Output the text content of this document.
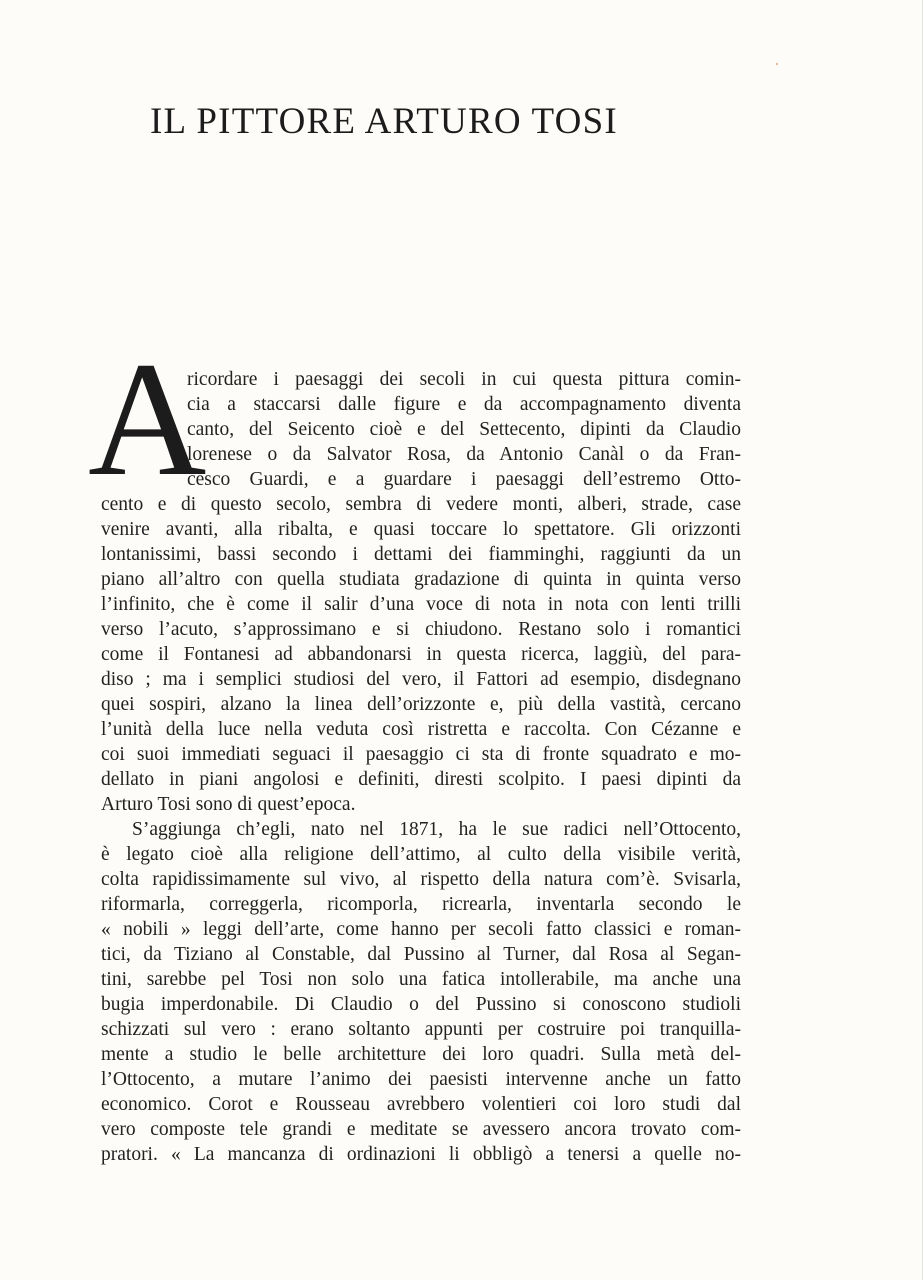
IL PITTORE ARTURO TOSI
A
ricordare i paesaggi dei secoli in cui questa pittura comin-
cia a staccarsi dalle figure e da accompagnamento diventa
canto, del Seicento cioè e del Settecento, dipinti da Claudio
lorenese o da Salvator Rosa, da Antonio Canàl o da Fran-
cesco Guardi, e a guardare i paesaggi dell’estremo Otto-
cento e di questo secolo, sembra di vedere monti, alberi, strade, case
venire avanti, alla ribalta, e quasi toccare lo spettatore. Gli orizzonti
lontanissimi, bassi secondo i dettami dei fiamminghi, raggiunti da un
piano all’altro con quella studiata gradazione di quinta in quinta verso
l’infinito, che è come il salir d’una voce di nota in nota con lenti trilli
verso l’acuto, s’approssimano e si chiudono. Restano solo i romantici
come il Fontanesi ad abbandonarsi in questa ricerca, laggiù, del para-
diso ; ma i semplici studiosi del vero, il Fattori ad esempio, disdegnano
quei sospiri, alzano la linea dell’orizzonte e, più della vastità, cercano
l’unità della luce nella veduta così ristretta e raccolta. Con Cézanne e
coi suoi immediati seguaci il paesaggio ci sta di fronte squadrato e mo-
dellato in piani angolosi e definiti, diresti scolpito. I paesi dipinti da
Arturo Tosi sono di quest’epoca.
S’aggiunga ch’egli, nato nel 1871, ha le sue radici nell’Ottocento,
è legato cioè alla religione dell’attimo, al culto della visibile verità,
colta rapidissimamente sul vivo, al rispetto della natura com’è. Svisarla,
riformarla, correggerla, ricomporla, ricrearla, inventarla secondo le
« nobili » leggi dell’arte, come hanno per secoli fatto classici e roman-
tici, da Tiziano al Constable, dal Pussino al Turner, dal Rosa al Segan-
tini, sarebbe pel Tosi non solo una fatica intollerabile, ma anche una
bugia imperdonabile. Di Claudio o del Pussino si conoscono studioli
schizzati sul vero : erano soltanto appunti per costruire poi tranquilla-
mente a studio le belle architetture dei loro quadri. Sulla metà del-
l’Ottocento, a mutare l’animo dei paesisti intervenne anche un fatto
economico. Corot e Rousseau avrebbero volentieri coi loro studi dal
vero composte tele grandi e meditate se avessero ancora trovato com-
pratori. « La mancanza di ordinazioni li obbligò a tenersi a quelle no-
